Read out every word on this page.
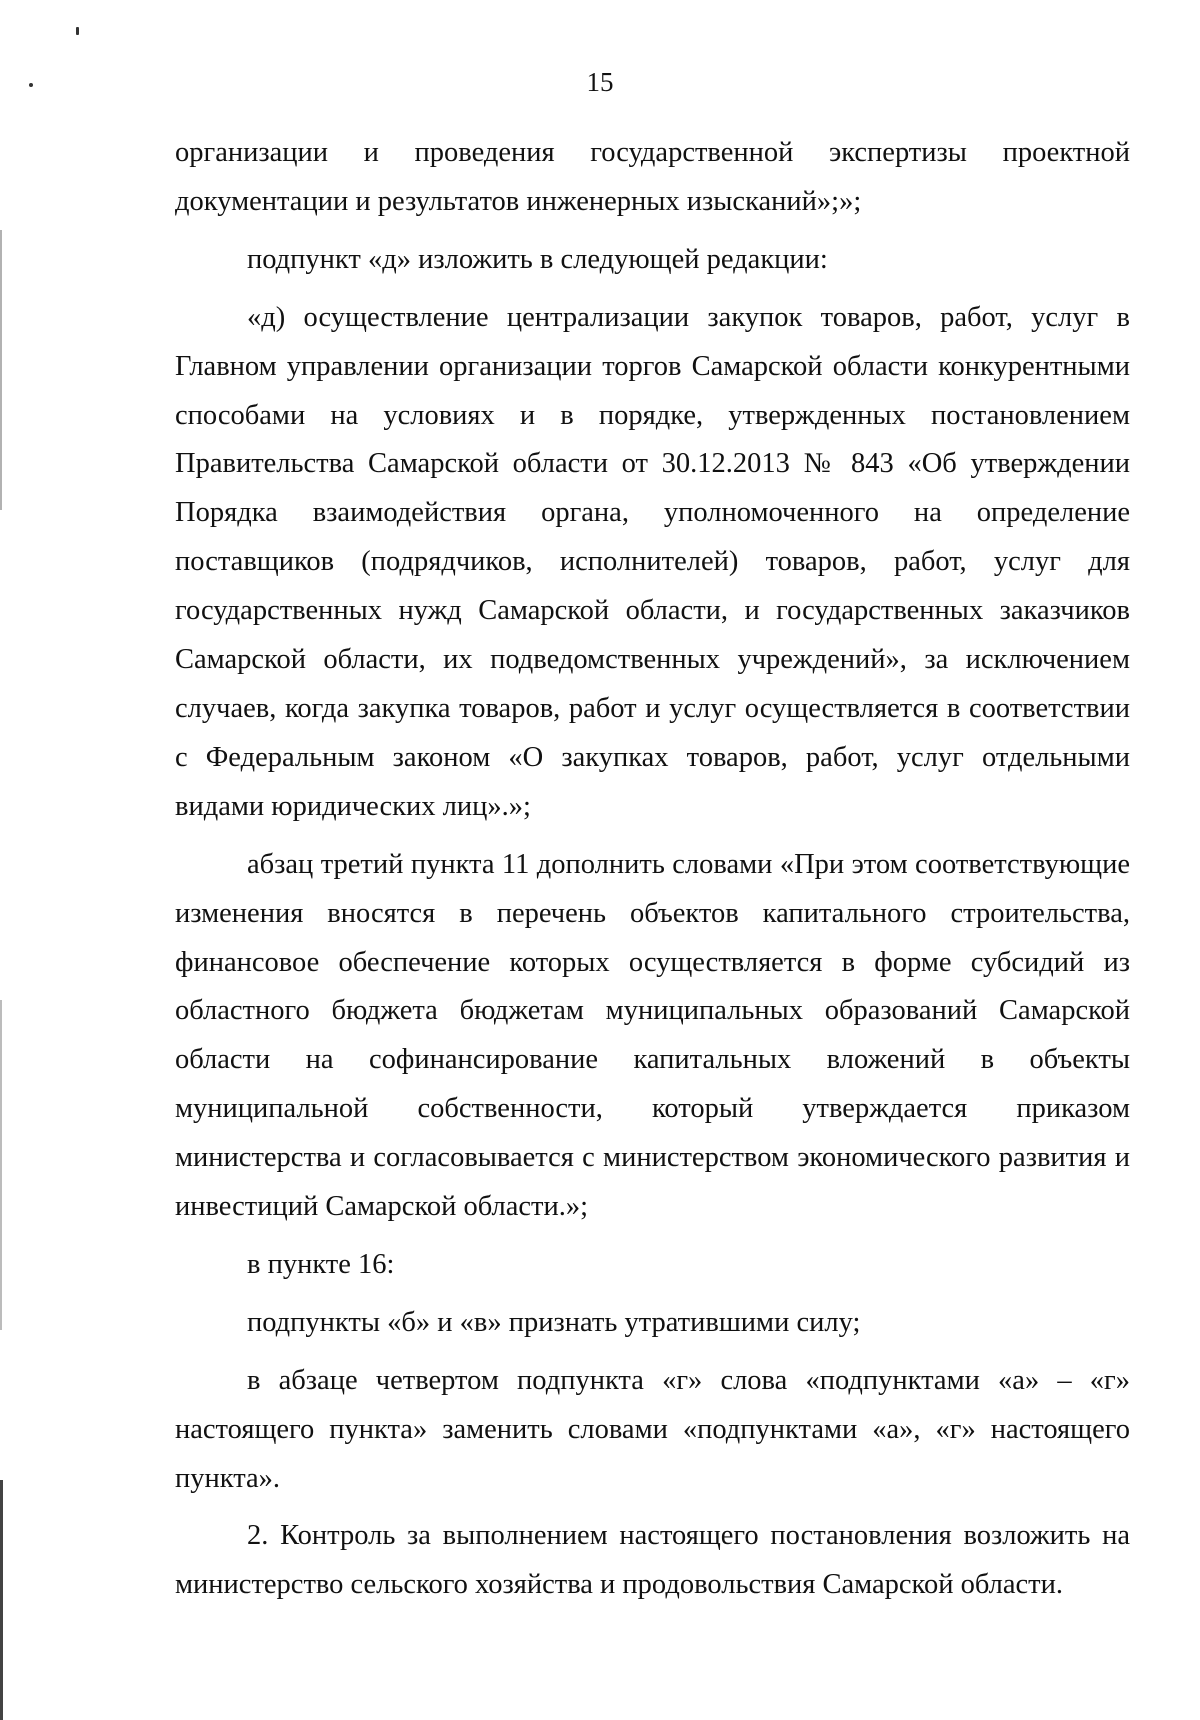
15

организации и проведения государственной экспертизы проектной документации и результатов инженерных изысканий»;»;

подпункт «д» изложить в следующей редакции:

«д) осуществление централизации закупок товаров, работ, услуг в Главном управлении организации торгов Самарской области конкурентными способами на условиях и в порядке, утвержденных постановлением Правительства Самарской области от 30.12.2013 № 843 «Об утверждении Порядка взаимодействия органа, уполномоченного на определение поставщиков (подрядчиков, исполнителей) товаров, работ, услуг для государственных нужд Самарской области, и государственных заказчиков Самарской области, их подведомственных учреждений», за исключением случаев, когда закупка товаров, работ и услуг осуществляется в соответствии с Федеральным законом «О закупках товаров, работ, услуг отдельными видами юридических лиц».»;

абзац третий пункта 11 дополнить словами «При этом соответствующие изменения вносятся в перечень объектов капитального строительства, финансовое обеспечение которых осуществляется в форме субсидий из областного бюджета бюджетам муниципальных образований Самарской области на софинансирование капитальных вложений в объекты муниципальной собственности, который утверждается приказом министерства и согласовывается с министерством экономического развития и инвестиций Самарской области.»;

в пункте 16:

подпункты «б» и «в» признать утратившими силу;

в абзаце четвертом подпункта «г» слова «подпунктами «а» – «г» настоящего пункта» заменить словами «подпунктами «а», «г» настоящего пункта».

2. Контроль за выполнением настоящего постановления возложить на министерство сельского хозяйства и продовольствия Самарской области.
